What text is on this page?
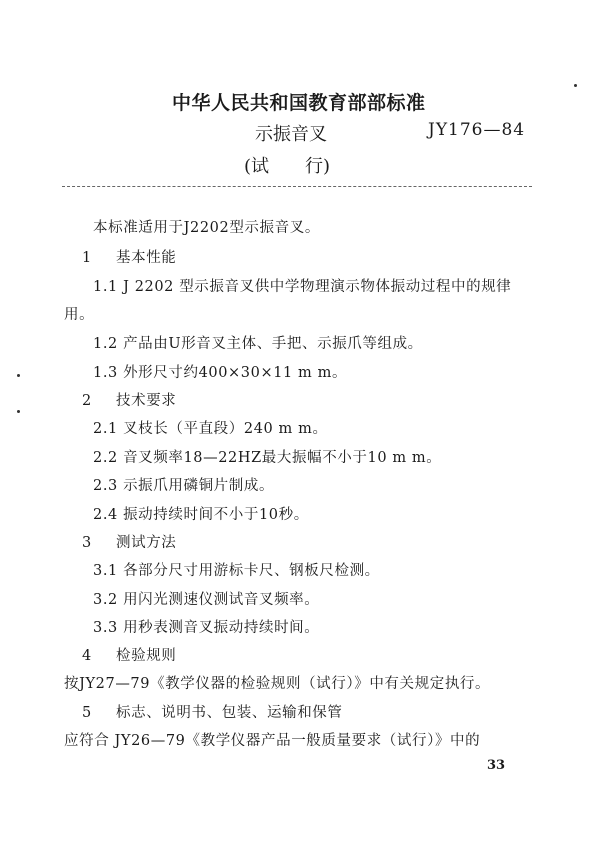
中华人民共和国教育部部标准
示振音叉	JY176—84
(试　　行)
本标准适用于J2202型示振音叉。
1 基本性能
1.1 J 2202 型示振音叉供中学物理演示物体振动过程中的规律
用。
1.2 产品由U形音叉主体、手把、示振爪等组成。
1.3 外形尺寸约400×30×11 m m。
2 技术要求
2.1 叉枝长（平直段）240 m m。
2.2 音叉频率18—22HZ最大振幅不小于10 m m。
2.3 示振爪用磷铜片制成。
2.4 振动持续时间不小于10秒。
3 测试方法
3.1 各部分尺寸用游标卡尺、钢板尺检测。
3.2 用闪光测速仪测试音叉频率。
3.3 用秒表测音叉振动持续时间。
4 检验规则
按JY27—79《教学仪器的检验规则（试行）》中有关规定执行。
5 标志、说明书、包装、运输和保管
应符合 JY26—79《教学仪器产品一般质量要求（试行）》中的
33
